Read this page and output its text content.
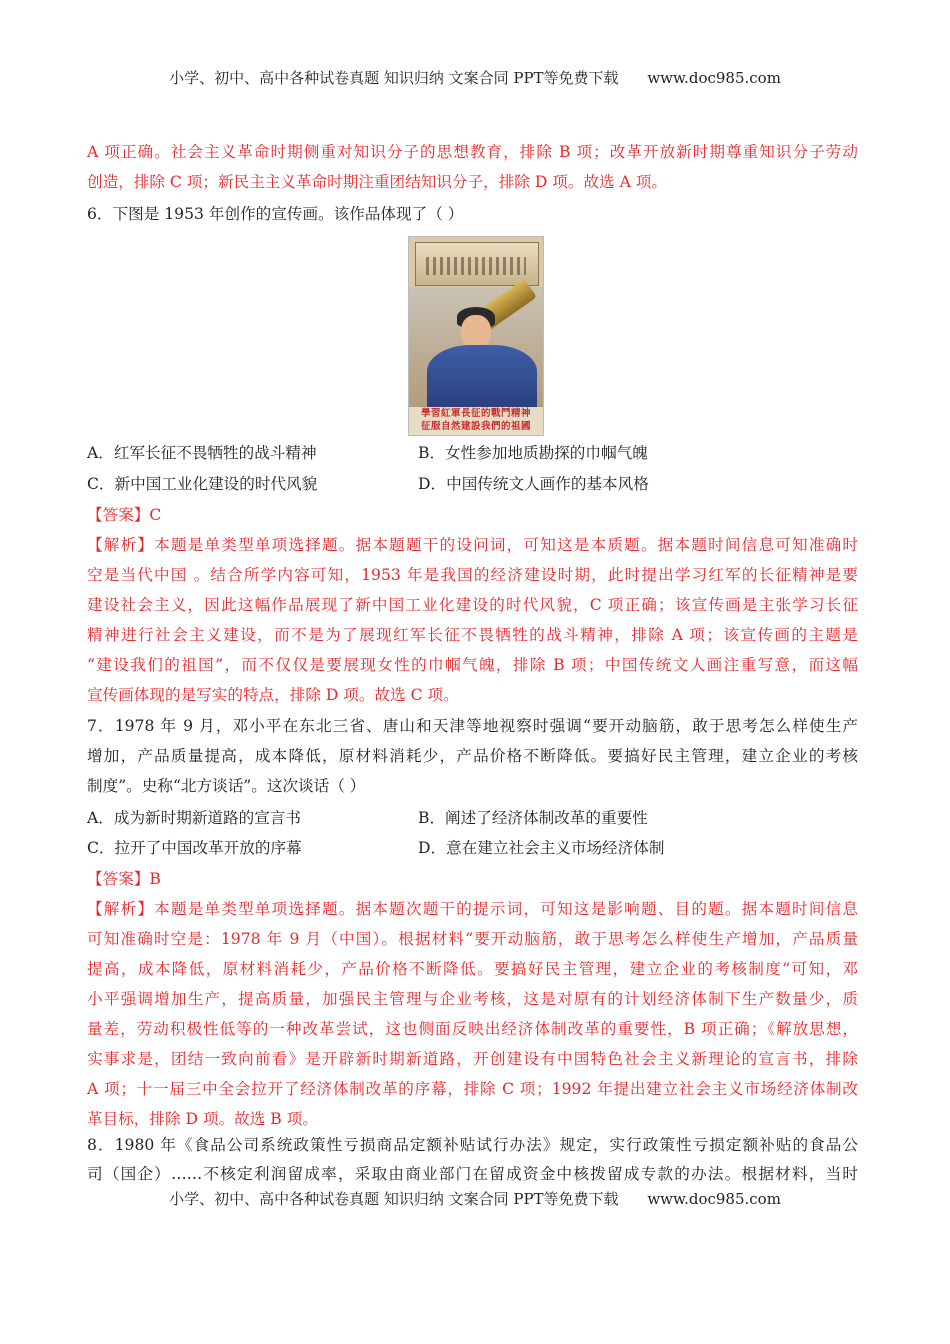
小学、初中、高中各种试卷真题 知识归纳 文案合同 PPT等免费下载 www.doc985.com
A 项正确。社会主义革命时期侧重对知识分子的思想教育，排除 B 项；改革开放新时期尊重知识分子劳动
创造，排除 C 项；新民主主义革命时期注重团结知识分子，排除 D 项。故选 A 项。
6．下图是 1953 年创作的宣传画。该作品体现了（ ）
學習紅軍長征的戰鬥精神
征服自然建設我們的祖國
A．红军长征不畏牺牲的战斗精神	B．女性参加地质勘探的巾帼气魄
C．新中国工业化建设的时代风貌	D．中国传统文人画作的基本风格
【答案】C
【解析】本题是单类型单项选择题。据本题题干的设问词，可知这是本质题。据本题时间信息可知准确时
空是当代中国 。结合所学内容可知，1953 年是我国的经济建设时期，此时提出学习红军的长征精神是要
建设社会主义，因此这幅作品展现了新中国工业化建设的时代风貌，C 项正确；该宣传画是主张学习长征
精神进行社会主义建设，而不是为了展现红军长征不畏牺牲的战斗精神，排除 A 项；该宣传画的主题是
“建设我们的祖国”，而不仅仅是要展现女性的巾帼气魄，排除 B 项；中国传统文人画注重写意，而这幅
宣传画体现的是写实的特点，排除 D 项。故选 C 项。
7．1978 年 9 月，邓小平在东北三省、唐山和天津等地视察时强调“要开动脑筋，敢于思考怎么样使生产
增加，产品质量提高，成本降低，原材料消耗少，产品价格不断降低。要搞好民主管理，建立企业的考核
制度”。史称“北方谈话”。这次谈话（ ）
A．成为新时期新道路的宣言书	B．阐述了经济体制改革的重要性
C．拉开了中国改革开放的序幕	D．意在建立社会主义市场经济体制
【答案】B
【解析】本题是单类型单项选择题。据本题次题干的提示词，可知这是影响题、目的题。据本题时间信息
可知准确时空是：1978 年 9 月（中国）。根据材料“要开动脑筋，敢于思考怎么样使生产增加，产品质量
提高，成本降低，原材料消耗少，产品价格不断降低。要搞好民主管理，建立企业的考核制度”可知，邓
小平强调增加生产，提高质量，加强民主管理与企业考核，这是对原有的计划经济体制下生产数量少，质
量差，劳动积极性低等的一种改革尝试，这也侧面反映出经济体制改革的重要性，B 项正确；《解放思想，
实事求是，团结一致向前看》是开辟新时期新道路，开创建设有中国特色社会主义新理论的宣言书，排除
A 项；十一届三中全会拉开了经济体制改革的序幕，排除 C 项；1992 年提出建立社会主义市场经济体制改
革目标，排除 D 项。故选 B 项。
8．1980 年《食品公司系统政策性亏损商品定额补贴试行办法》规定，实行政策性亏损定额补贴的食品公
司（国企）……不核定利润留成率，采取由商业部门在留成资金中核拨留成专款的办法。根据材料，当时
小学、初中、高中各种试卷真题 知识归纳 文案合同 PPT等免费下载 www.doc985.com
